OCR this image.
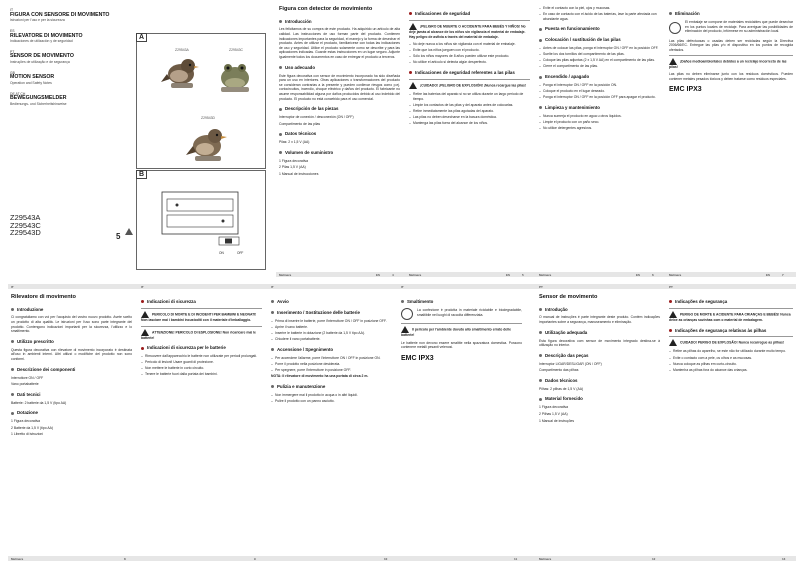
IT
FIGURA CON SENSORE DI MOVIMENTO
Istruzioni per l'uso e per la sicurezza
ES
RILEVATORE DI MOVIMENTO
Indicaciones de utilización y de seguridad
PT
SENSOR DE MOVIMENTO
Instruções de utilização e de segurança
GB
MOTION SENSOR
Operation and Safety Notes
DE AT CH
BEWEGUNGSMELDER
Bedienungs- und Sicherheitshinweise
A
Z29543A	Z29543C
Z29543D
B
ON	OFF
Z29543A
Z29543C
Z29543D	5
Figura con detector de movimiento
Introducción
Les felicitamos de su compra de este producto. Ha adquirido un artículo de alta calidad. Las instrucciones de uso forman parte del producto. Contienen indicaciones importantes para la seguridad, el manejo y la forma de desechar el producto. Antes de utilizar el producto, familiarícese con todas las indicaciones de uso y seguridad. Utilice el producto solamente como se describe y para las aplicaciones indicadas. Guarde estas instrucciones en un lugar seguro. Adjunte igualmente todos los documentos en caso de entregar el producto a terceros.
Uso adecuado
Este figura decorativa con sensor de movimiento incorporado ha sido diseñada para un uso en interiores. Otras aplicaciones o transformaciones del producto se consideran contrarias a la presente y pueden conllevar riesgos como p.ej. cortocircuitos, incendio, choque eléctrico y daños del producto. El fabricante no asume responsabilidad alguna por daños producidos debido al uso indebido del producto. El producto no está concebido para el uso comercial.
Descripción de las piezas
Interruptor de conexión / desconexión (ON / OFF)
Compartimento de las pilas
Datos técnicos
Pilas: 2 x 1,5 V (AA)
Volumen de suministro
1 Figura decorativa
2 Pilas 1,5 V (AA)
1 Manual de instrucciones
Indicaciones de seguridad
¡PELIGRO DE MUERTE O ACCIDENTE PARA BEBÉS Y NIÑOS! No deje jamás al alcance de los niños sin vigilancia el material de embalaje. Hay peligro de asfixia a través del material de embalaje.
– No deje nunca a los niños sin vigilancia con el material de embalaje.
– Evite que los niños jueguen con el producto.
– Sólo los niños mayores de 8 años pueden utilizar este producto.
– No utilice el artículo si detecta algún desperfecto.
Indicaciones de seguridad referentes a las pilas
¡CUIDADO! ¡PELIGRO DE EXPLOSIÓN! ¡Nunca recargue las pilas!
– Retire las baterías del aparato si no se utiliza durante un largo periodo de tiempo.
– Limpie los contactos de las pilas y del aparato antes de colocarlas.
– Retire inmediatamente las pilas agotadas del aparato.
– Las pilas no deben desecharse en la basura doméstica.
– Mantenga las pilas fuera del alcance de los niños.
– Evite el contacto con la piel, ojos y mucosas.
– En caso de contacto con el ácido de las baterías, lave la parte afectada con abundante agua.
Puesta en funcionamiento
Colocación / sustitución de las pilas
– Antes de colocar las pilas, ponga el interruptor ON / OFF en la posición OFF.
– Suelte los dos tornillos del compartimento de las pilas.
– Coloque las pilas adjuntas (2 x 1,5 V AA) en el compartimento de las pilas.
– Cierre el compartimento de las pilas.
Encendido / apagado
– Ponga el interruptor ON / OFF en la posición ON.
– Coloque el producto en el lugar deseado.
– Ponga el interruptor ON / OFF en la posición OFF para apagar el producto.
Limpieza y mantenimiento
– Nunca sumerja el producto en agua u otros líquidos.
– Limpie el producto con un paño seco.
– No utilice detergentes agresivos.
Eliminación
El embalaje se compone de materiales reciclables que puede desechar en los puntos locales de reciclaje. Para averiguar las posibilidades de eliminación del producto, infórmese en su administración local.
Las pilas defectuosas o usadas deben ser recicladas según la Directiva 2006/66/EC. Entregue las pilas y/o el dispositivo en los puntos de recogida ofertados.
¡Daños medioambientales debidos a un reciclaje incorrecto de las pilas!
Las pilas no deben eliminarse junto con los residuos domésticos. Pueden contener metales pesados tóxicos y deben tratarse como residuos especiales.
EMC IPX3
Melinera	Melinera	Melinera	Melinera
4	5	6	7
ES	ES	ES	ES
Rilevatore di movimento
Introduzione
Ci congratuliamo con voi per l'acquisto del vostro nuovo prodotto. Avete scelto un prodotto di alta qualità. Le istruzioni per l'uso sono parte integrante del prodotto. Contengono indicazioni importanti per la sicurezza, l'utilizzo e lo smaltimento.
Utilizzo prescritto
Questa figura decorativa con rilevatore di movimento incorporato è destinata all'uso in ambienti interni. Altri utilizzi o modifiche del prodotto non sono conformi.
Descrizione dei componenti
Interruttore ON / OFF
Vano portabatterie
Dati tecnici
Batterie: 2 batterie da 1,5 V (tipo AA)
Dotazione
1 Figura decorativa
2 Batterie da 1,5 V (tipo AA)
1 Libretto di istruzioni
Indicazioni di sicurezza
PERICOLO DI MORTE E DI INCIDENTI PER BAMBINI E NEONATI! Non lasciare mai i bambini incustoditi con il materiale d'imballaggio.
ATTENZIONE! PERICOLO DI ESPLOSIONE! Non ricaricare mai le batterie!
Indicazioni di sicurezza per le batterie
– Rimuovere dall'apparecchio le batterie non utilizzate per periodi prolungati.
– Pericolo di lesioni! Usare guanti di protezione.
– Non mettere le batterie in corto circuito.
– Tenere le batterie fuori dalla portata dei bambini.
Avvio
Inserimento / Sostituzione delle batterie
– Prima di inserire le batterie, porre l'interruttore ON / OFF in posizione OFF.
– Aprire il vano batterie.
– Inserire le batterie in dotazione (2 batterie da 1,5 V tipo AA).
– Chiudere il vano portabatterie.
Accensione / Spegnimento
– Per accendere l'allarme, porre l'interruttore ON / OFF in posizione ON.
– Porre il prodotto nella posizione desiderata.
– Per spegnere, porre l'interruttore in posizione OFF.
NOTA: Il rilevatore di movimento ha una portata di circa 2 m.
Pulizia e manutenzione
– Non immergere mai il prodotto in acqua o in altri liquidi.
– Pulire il prodotto con un panno asciutto.
Smaltimento
La confezione è prodotta in materiale riciclabile e biodegradabile, smaltibile nei luoghi di raccolta differenziata.
Il pericolo per l'ambiente dovuto allo smaltimento errato delle batterie!
Le batterie non devono essere smaltite nella spazzatura domestica. Possono contenere metalli pesanti velenosi.
EMC IPX3
Sensor de movimento
Introdução
O manual de instruções é parte integrante deste produto. Contém indicações importantes sobre a segurança, manuseamento e eliminação.
Utilização adequada
Esta figura decorativa com sensor de movimento integrado destina-se à utilização no interior.
Descrição das peças
Interruptor LIGAR/DESLIGAR (ON / OFF)
Compartimento das pilhas
Dados técnicos
Pilhas: 2 pilhas de 1,5 V (AA)
Material fornecido
1 Figura decorativa
2 Pilhas 1,5 V (AA)
1 Manual de instruções
Indicações de segurança
PERIGO DE MORTE E ACIDENTE PARA CRIANÇAS E BEBÉS! Nunca deixe as crianças sozinhas com o material de embalagem.
Indicações de segurança relativas às pilhas
CUIDADO! PERIGO DE EXPLOSÃO! Nunca recarregue as pilhas!
– Retire as pilhas do aparelho, se este não for utilizado durante muito tempo.
– Evite o contacto com a pele, os olhos e as mucosas.
– Nunca coloque as pilhas em curto-circuito.
– Mantenha as pilhas fora do alcance das crianças.
IT	IT	IT	IT	PT	PT
Melinera	8	9	10	11	Melinera	12	13
